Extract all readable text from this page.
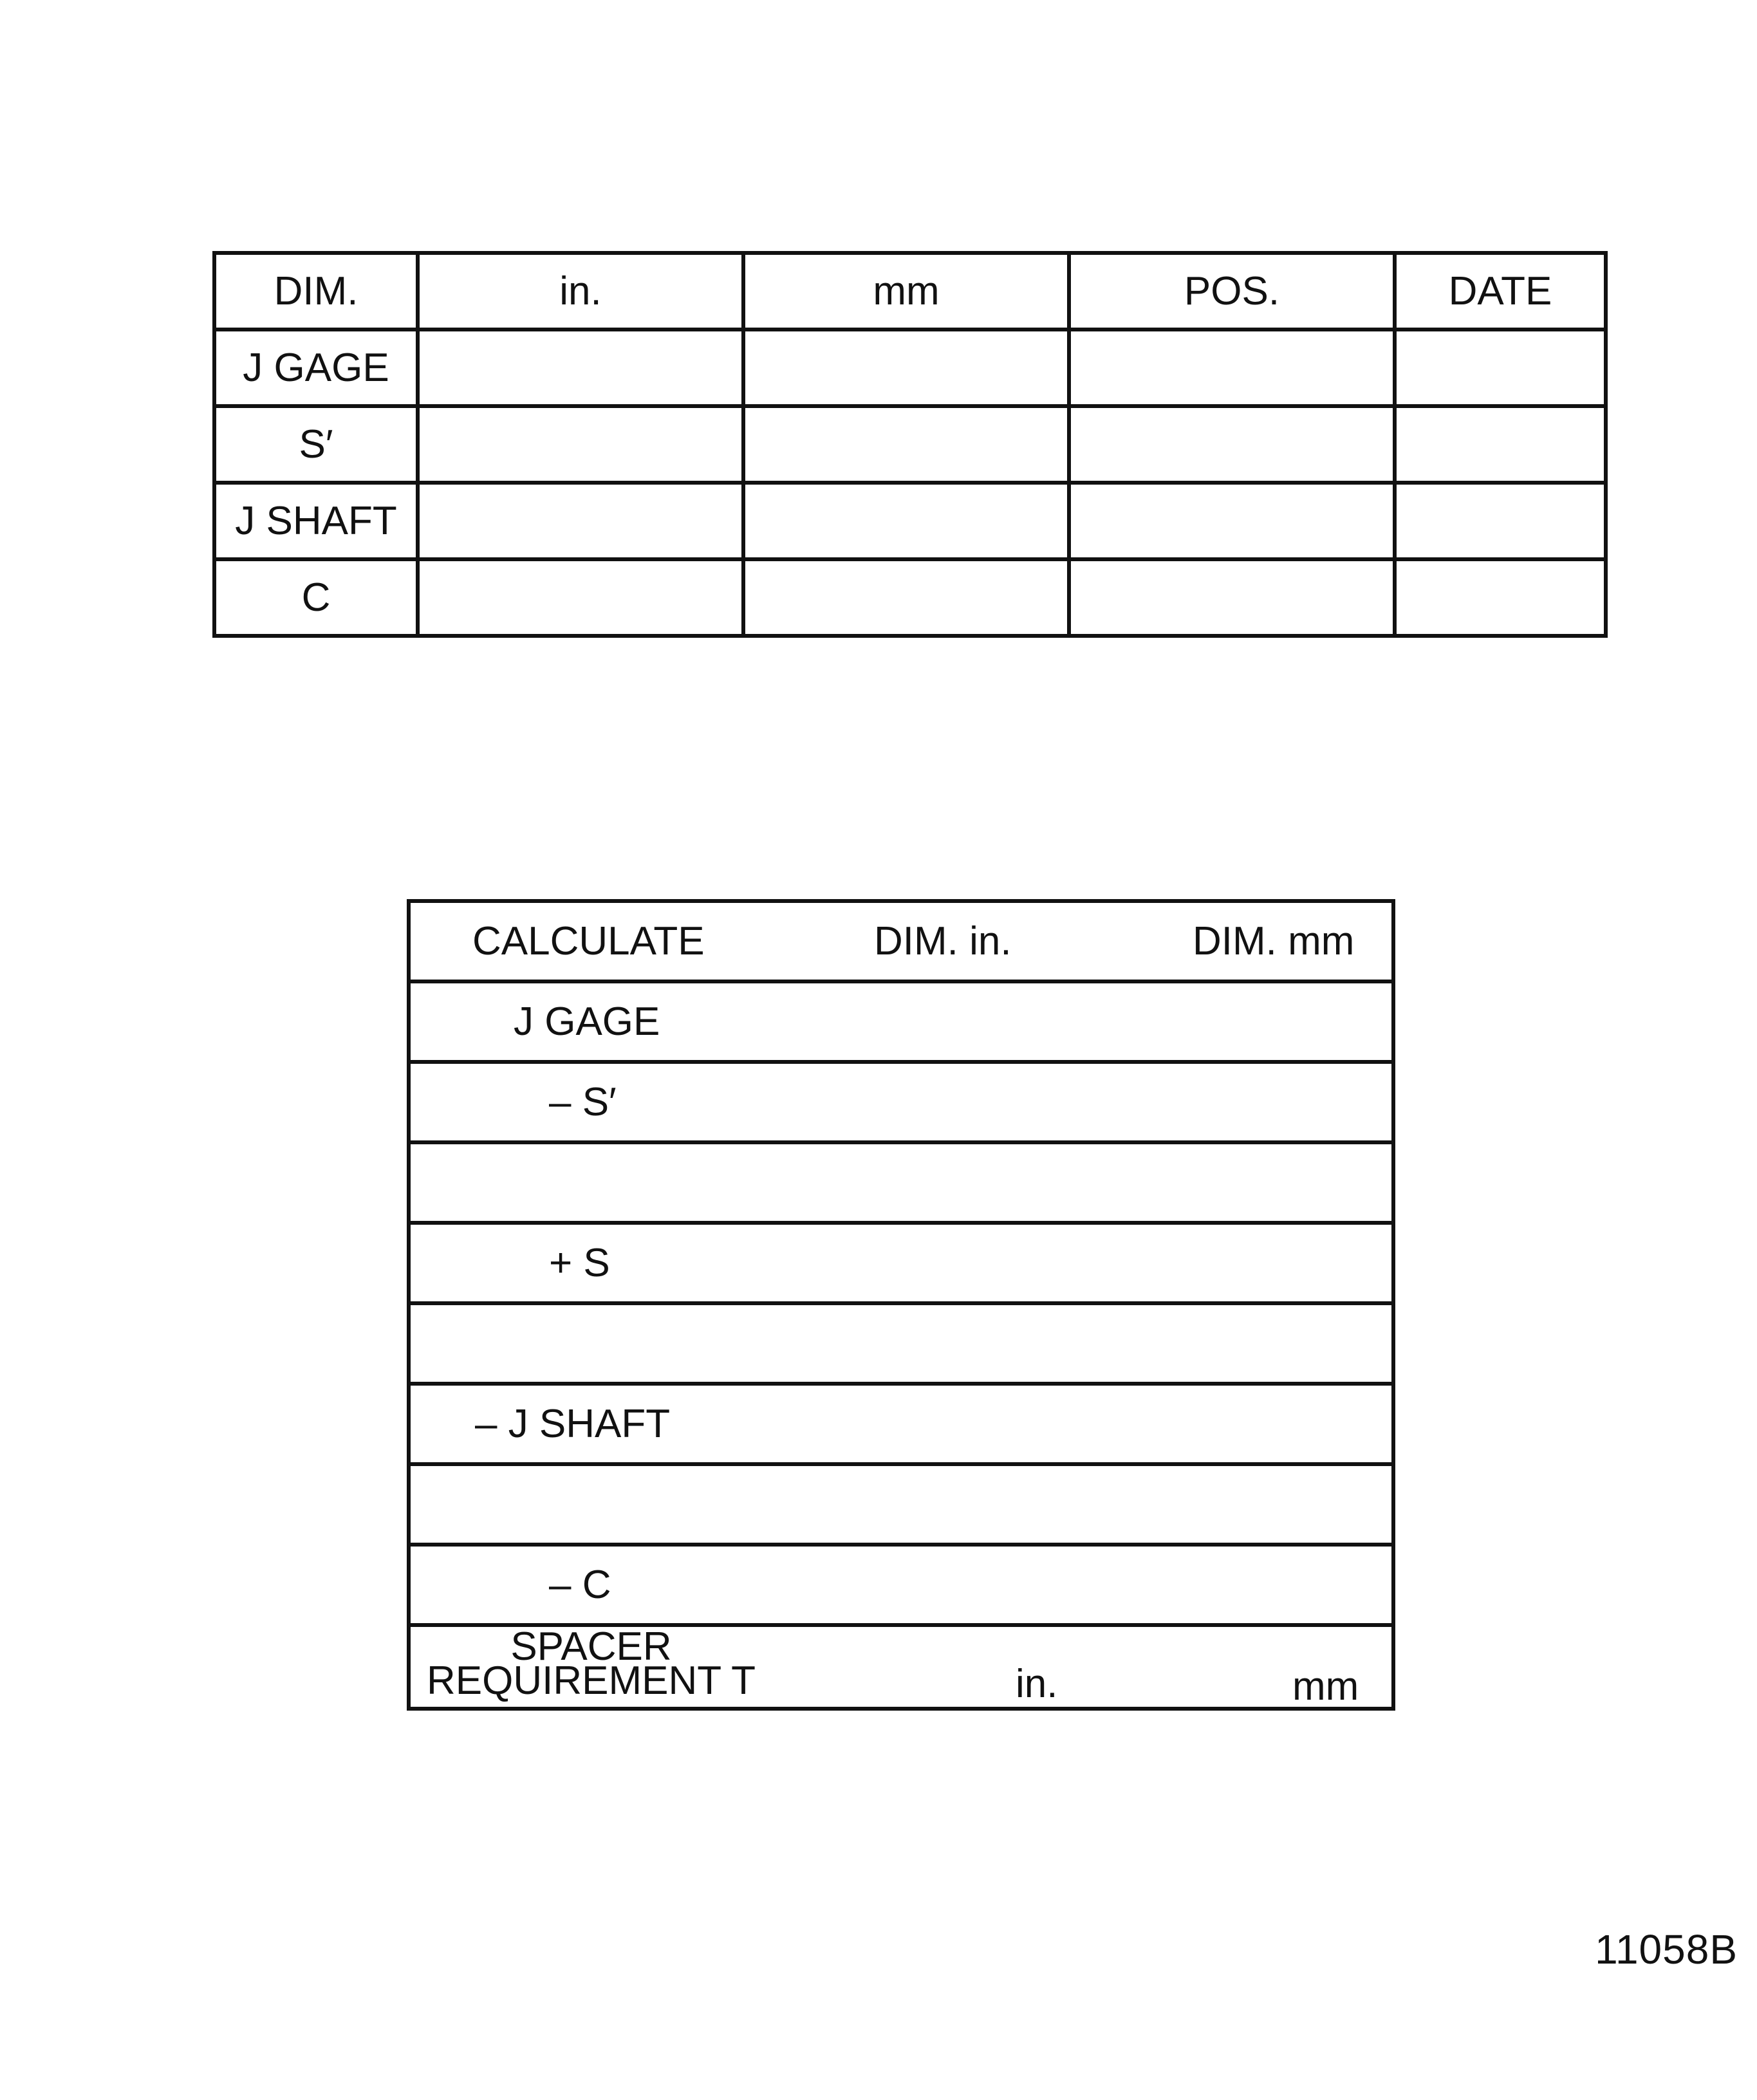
DIM.	in.	mm	POS.	DATE
J GAGE				
S′				
J SHAFT				
C				
CALCULATE	DIM. in.	DIM. mm
J GAGE
– S′
+ S
– J SHAFT
– C
SPACER
REQUIREMENT T	in.	mm
11058B
